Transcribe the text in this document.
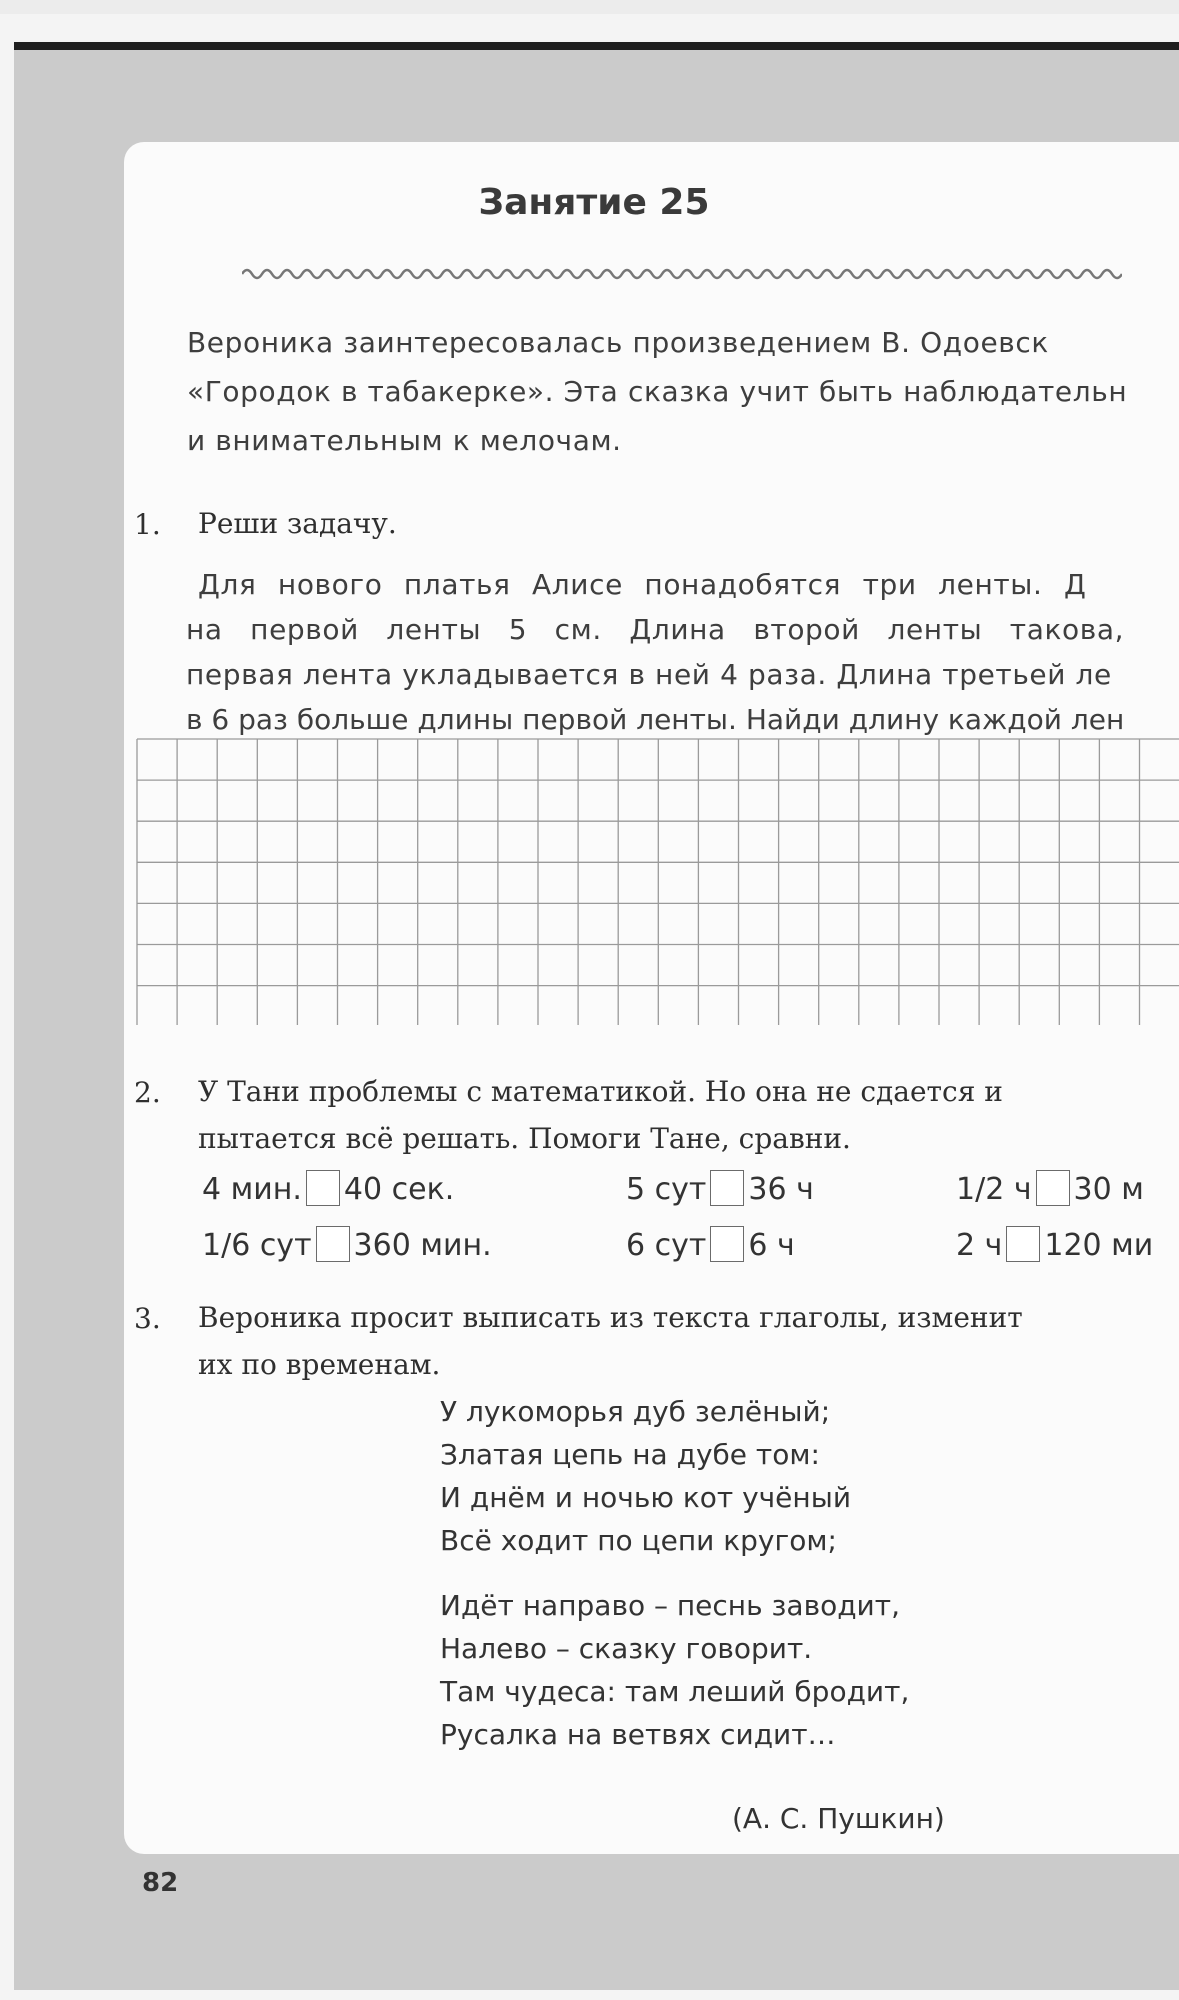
Занятие 25

Вероника заинтересовалась произведением В. Одоевск
«Городок в табакерке». Эта сказка учит быть наблюдательн
и внимательным к мелочам.

1. Реши задачу.

Для нового платья Алисе понадобятся три ленты. Д
на первой ленты 5 см. Длина второй ленты такова,
первая лента укладывается в ней 4 раза. Длина третьей ле
в 6 раз больше длины первой ленты. Найди длину каждой лен

2. У Тани проблемы с математикой. Но она не сдается и
пытается всё решать. Помоги Тане, сравни.

4 мин. 40 сек.	5 сут 36 ч	1/2 ч 30 м
1/6 сут 360 мин.	6 сут 6 ч	2 ч 120 ми
3. Вероника просит выписать из текста глаголы, изменит
их по временам.

У лукоморья дуб зелёный;
Златая цепь на дубе том:
И днём и ночью кот учёный
Всё ходит по цепи кругом;
Идёт направо – песнь заводит,
Налево – сказку говорит.
Там чудеса: там леший бродит,
Русалка на ветвях сидит…
(А. С. Пушкин)
82
